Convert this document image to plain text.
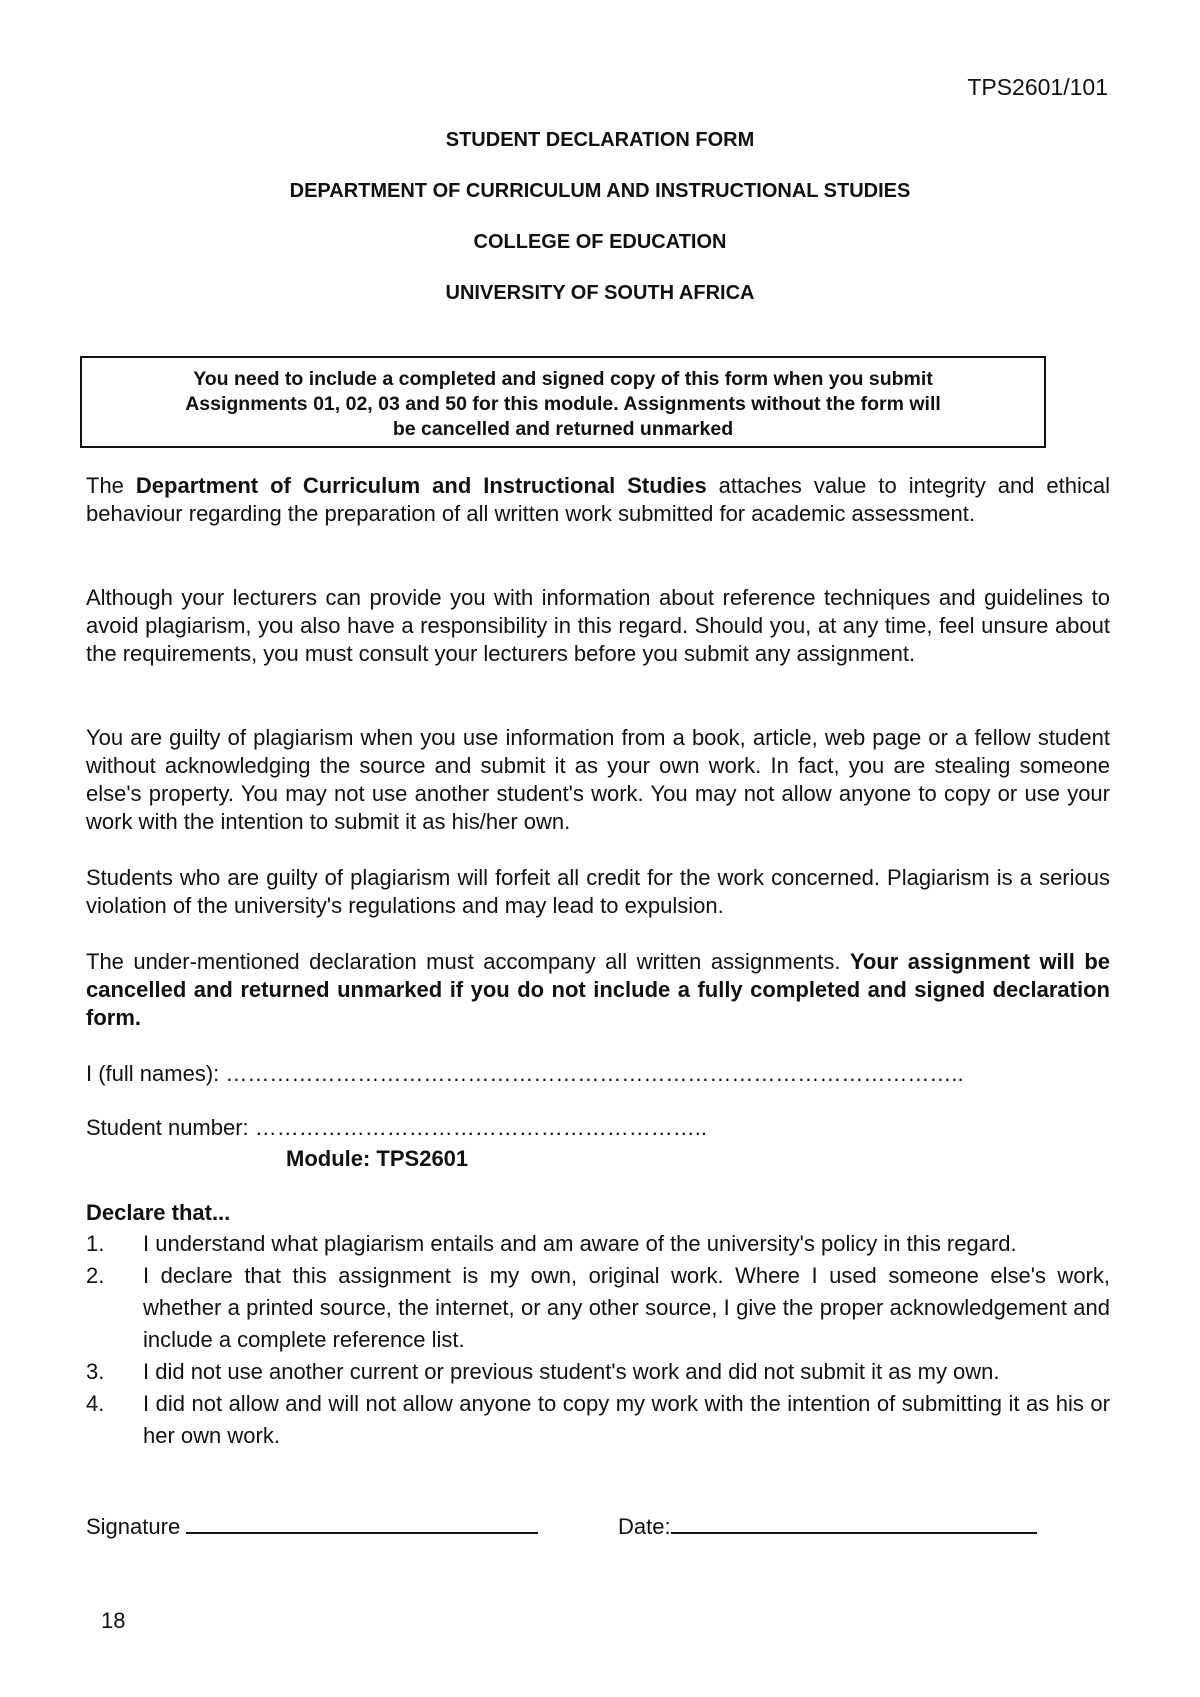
TPS2601/101
STUDENT DECLARATION FORM
DEPARTMENT OF CURRICULUM AND INSTRUCTIONAL STUDIES
COLLEGE OF EDUCATION
UNIVERSITY OF SOUTH AFRICA
You need to include a completed and signed copy of this form when you submit
Assignments 01, 02, 03 and 50 for this module. Assignments without the form will
be cancelled and returned unmarked

The Department of Curriculum and Instructional Studies attaches value to integrity and ethical behaviour regarding the preparation of all written work submitted for academic assessment.

Although your lecturers can provide you with information about reference techniques and guidelines to avoid plagiarism, you also have a responsibility in this regard. Should you, at any time, feel unsure about the requirements, you must consult your lecturers before you submit any assignment.

You are guilty of plagiarism when you use information from a book, article, web page or a fellow student without acknowledging the source and submit it as your own work. In fact, you are stealing someone else's property. You may not use another student's work. You may not allow anyone to copy or use your work with the intention to submit it as his/her own.

Students who are guilty of plagiarism will forfeit all credit for the work concerned. Plagiarism is a serious violation of the university's regulations and may lead to expulsion.

The under-mentioned declaration must accompany all written assignments. Your assignment will be cancelled and returned unmarked if you do not include a fully completed and signed declaration form.

I (full names): ………………………………………………………………………………………..
Student number: ……………………………………………………..
Module: TPS2601
Declare that...
1.	I understand what plagiarism entails and am aware of the university's policy in this regard.
2.	I declare that this assignment is my own, original work. Where I used someone else's work, whether a printed source, the internet, or any other source, I give the proper acknowledgement and include a complete reference list.
3.	I did not use another current or previous student's work and did not submit it as my own.
4.	I did not allow and will not allow anyone to copy my work with the intention of submitting it as his or her own work.
Signature	Date:
18
